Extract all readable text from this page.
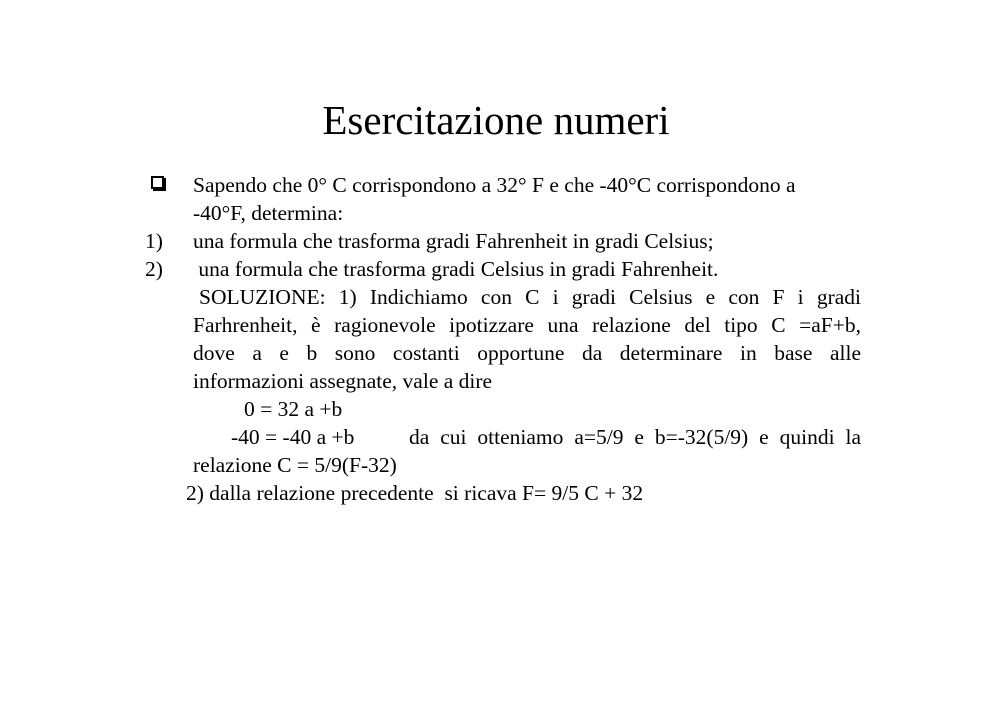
Esercitazione numeri
Sapendo che 0° C corrispondono a 32° F e che -40°C corrispondono a
-40°F, determina:
1) una formula che trasforma gradi Fahrenheit in gradi Celsius;
2) una formula che trasforma gradi Celsius in gradi Fahrenheit.
SOLUZIONE: 1) Indichiamo con C i gradi Celsius e con F i gradi
Farhrenheit, è ragionevole ipotizzare una relazione del tipo C =aF+b,
dove a e b sono costanti opportune da determinare in base alle
informazioni assegnate, vale a dire
0 = 32 a +b
-40 = -40 a +b	da cui otteniamo a=5/9 e b=-32(5/9) e quindi la
relazione C = 5/9(F-32)
2) dalla relazione precedente  si ricava F= 9/5 C + 32
